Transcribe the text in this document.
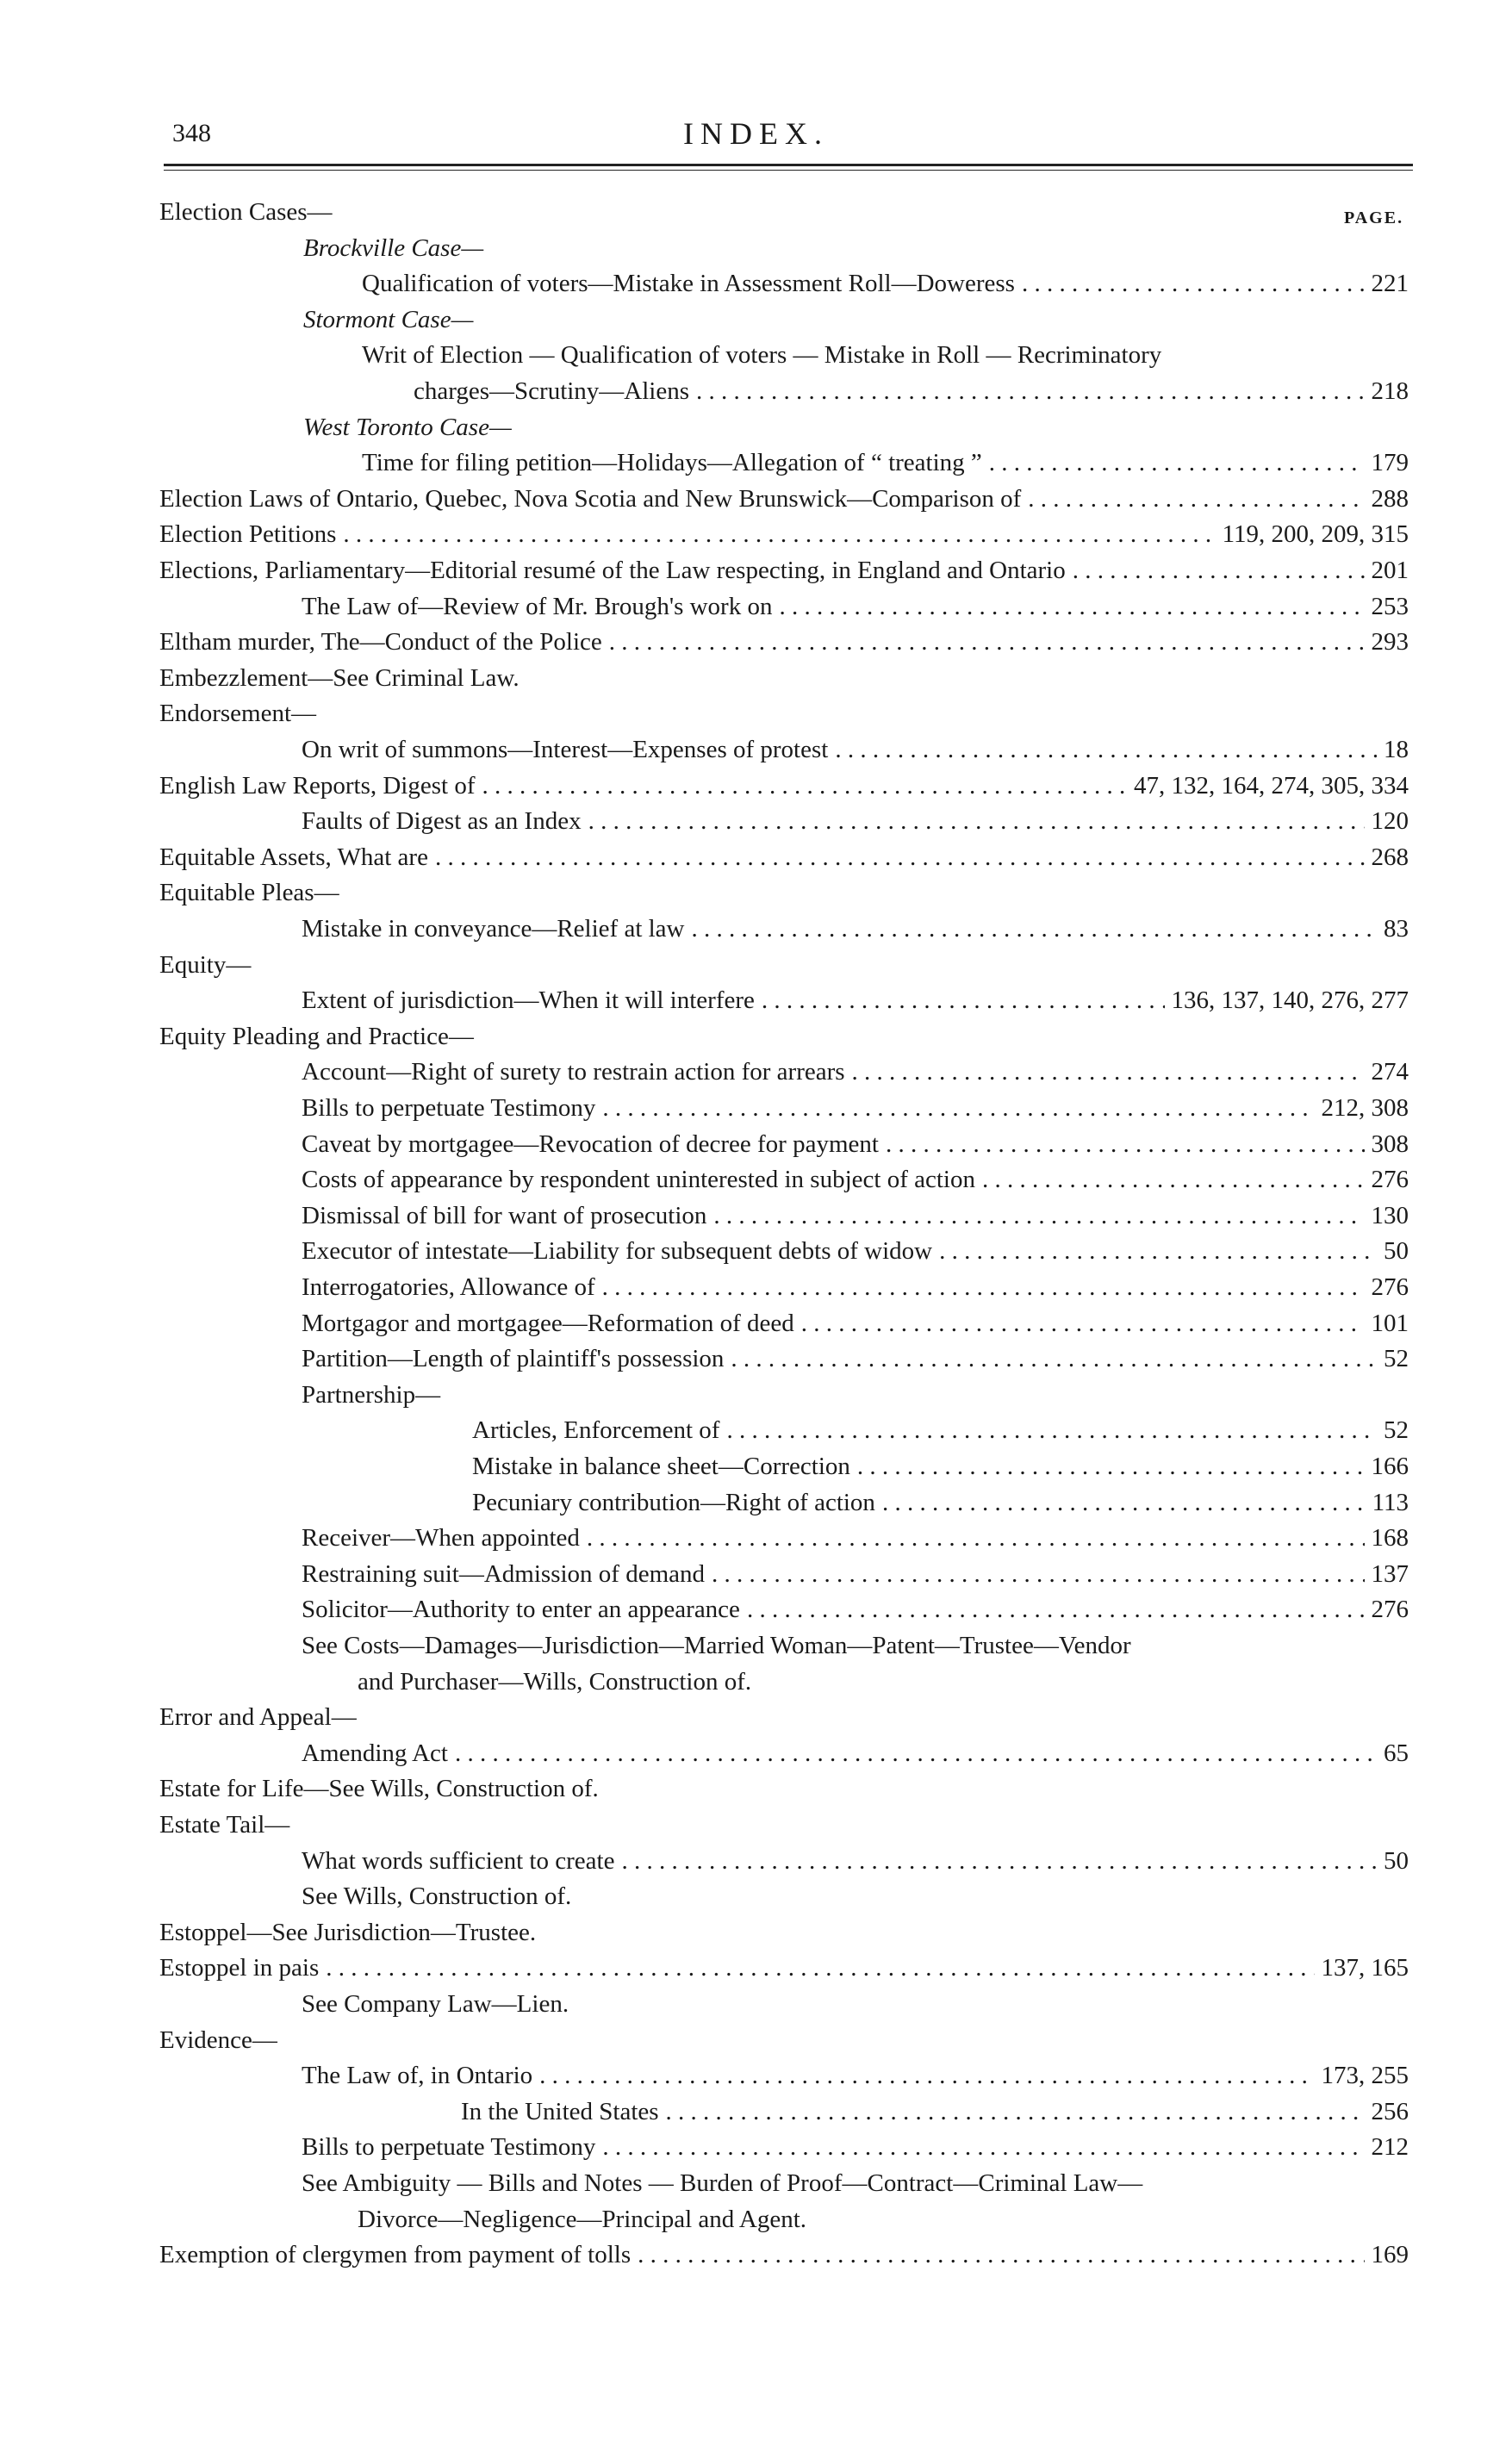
348	INDEX.
PAGE.
Election Cases—
Brockville Case—
Qualification of voters—Mistake in Assessment Roll—Doweress . . .	221
Stormont Case—
Writ of Election — Qualification of voters — Mistake in Roll — Recriminatory
charges—Scrutiny—Aliens . . .	218
West Toronto Case—
Time for filing petition—Holidays—Allegation of “ treating ” . . .	179
Election Laws of Ontario, Quebec, Nova Scotia and New Brunswick—Comparison of . . .	288
Election Petitions . . .	119, 200, 209, 315
Elections, Parliamentary—Editorial resumé of the Law respecting, in England and Ontario . . .	201
The Law of—Review of Mr. Brough's work on . . .	253
Eltham murder, The—Conduct of the Police . . .	293
Embezzlement—See Criminal Law.
Endorsement—
On writ of summons—Interest—Expenses of protest . . .	18
English Law Reports, Digest of . . .	47, 132, 164, 274, 305, 334
Faults of Digest as an Index . . .	120
Equitable Assets, What are . . .	268
Equitable Pleas—
Mistake in conveyance—Relief at law . . .	83
Equity—
Extent of jurisdiction—When it will interfere . . .	136, 137, 140, 276, 277
Equity Pleading and Practice—
Account—Right of surety to restrain action for arrears . . .	274
Bills to perpetuate Testimony . . .	212, 308
Caveat by mortgagee—Revocation of decree for payment . . .	308
Costs of appearance by respondent uninterested in subject of action . . .	276
Dismissal of bill for want of prosecution . . .	130
Executor of intestate—Liability for subsequent debts of widow . . .	50
Interrogatories, Allowance of . . .	276
Mortgagor and mortgagee—Reformation of deed . . .	101
Partition—Length of plaintiff's possession . . .	52
Partnership—
Articles, Enforcement of . . .	52
Mistake in balance sheet—Correction . . .	166
Pecuniary contribution—Right of action . . .	113
Receiver—When appointed . . .	168
Restraining suit—Admission of demand . . .	137
Solicitor—Authority to enter an appearance . . .	276
See Costs—Damages—Jurisdiction—Married Woman—Patent—Trustee—Vendor
and Purchaser—Wills, Construction of.
Error and Appeal—
Amending Act . . .	65
Estate for Life—See Wills, Construction of.
Estate Tail—
What words sufficient to create . . .	50
See Wills, Construction of.
Estoppel—See Jurisdiction—Trustee.
Estoppel in pais . . .	137, 165
See Company Law—Lien.
Evidence—
The Law of, in Ontario . . .	173, 255
In the United States . . .	256
Bills to perpetuate Testimony . . .	212
See Ambiguity — Bills and Notes — Burden of Proof—Contract—Criminal Law—
Divorce—Negligence—Principal and Agent.
Exemption of clergymen from payment of tolls . . .	169
